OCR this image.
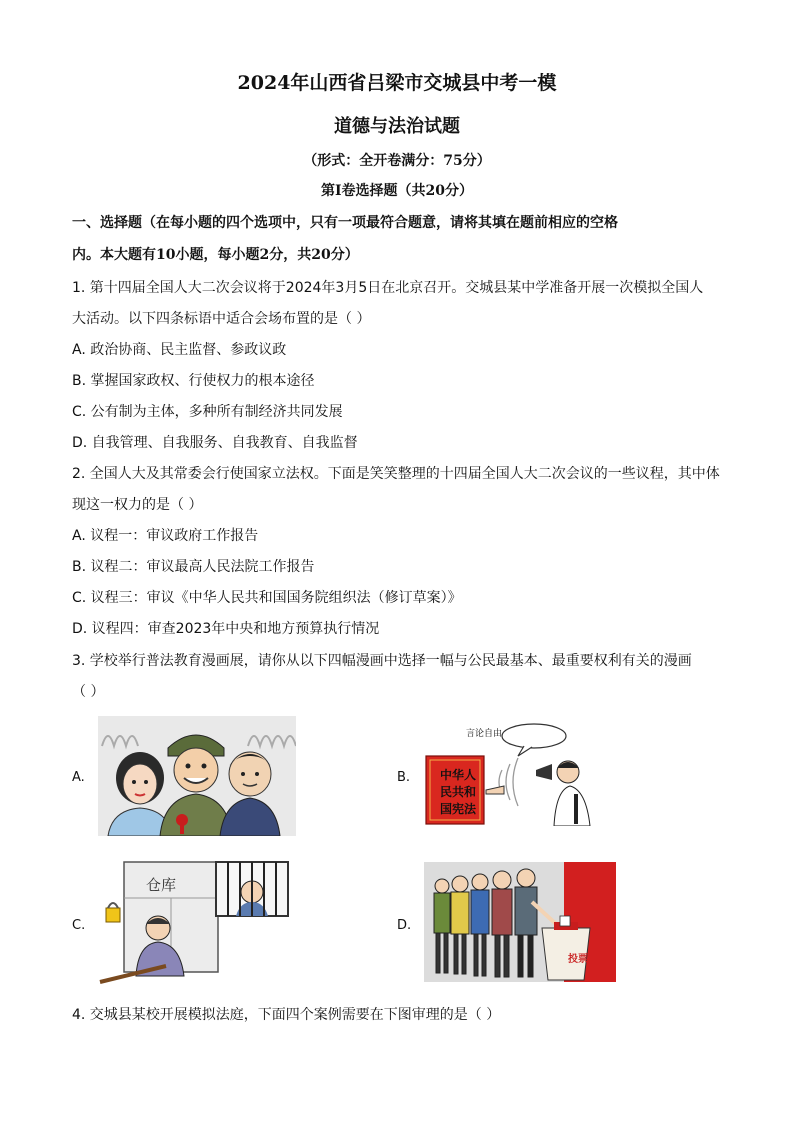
2024年山西省吕梁市交城县中考一模
道德与法治试题
（形式：全开卷满分：75分）
第Ⅰ卷选择题（共20分）
一、选择题（在每小题的四个选项中，只有一项最符合题意，请将其填在题前相应的空格
内。本大题有10小题，每小题2分，共20分）
1. 第十四届全国人大二次会议将于2024年3月5日在北京召开。交城县某中学准备开展一次模拟全国人
大活动。以下四条标语中适合会场布置的是（ ）
A. 政治协商、民主监督、参政议政
B. 掌握国家政权、行使权力的根本途径
C. 公有制为主体，多种所有制经济共同发展
D. 自我管理、自我服务、自我教育、自我监督
2. 全国人大及其常委会行使国家立法权。下面是笑笑整理的十四届全国人大二次会议的一些议程，其中体
现这一权力的是（ ）
A. 议程一：审议政府工作报告
B. 议程二：审议最高人民法院工作报告
C. 议程三：审议《中华人民共和国国务院组织法（修订草案）》
D. 议程四：审查2023年中央和地方预算执行情况
3. 学校举行普法教育漫画展，请你从以下四幅漫画中选择一幅与公民最基本、最重要权利有关的漫画
（ ）
A.	B.
言论自由
中华人
民共和
国宪法
C.
仓库
D.
投票
4. 交城县某校开展模拟法庭，下面四个案例需要在下图审理的是（ ）
